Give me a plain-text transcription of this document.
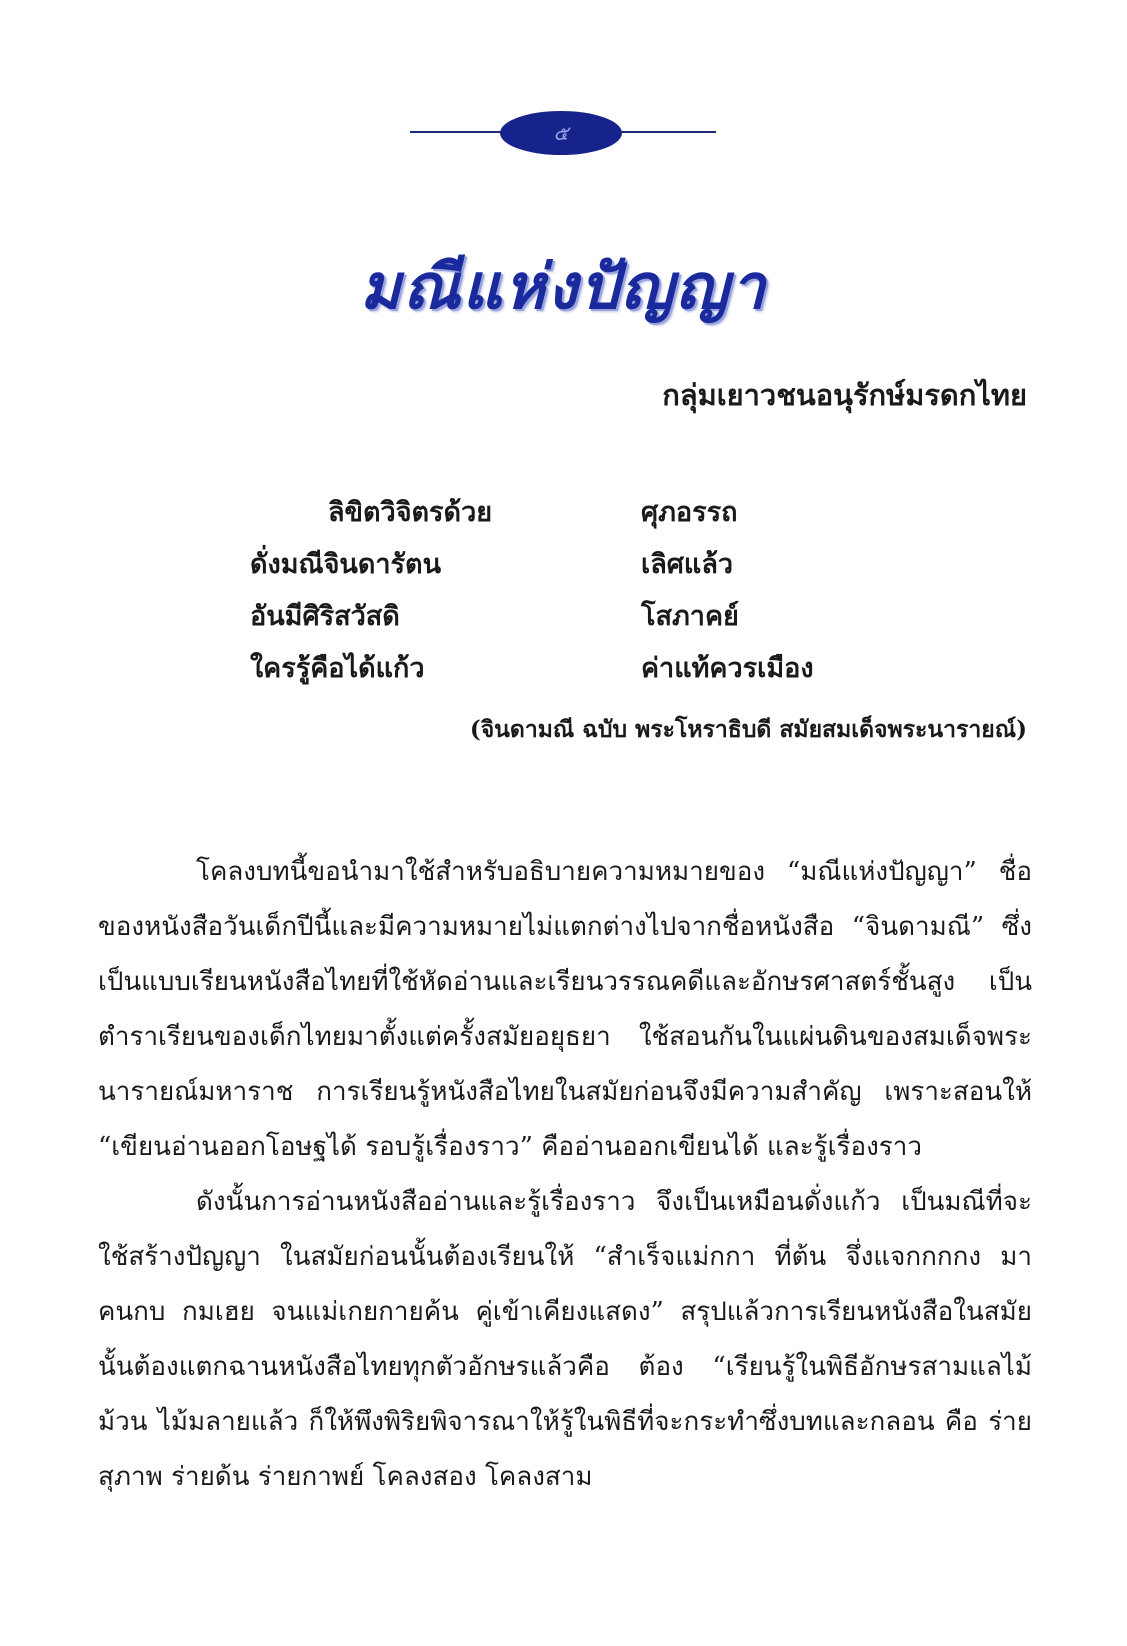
๕
มณีแห่งปัญญา
กลุ่มเยาวชนอนุรักษ์มรดกไทย
ลิขิตวิจิตรด้วย	ศุภอรรถ
ดั่งมณีจินดารัตน	เลิศแล้ว
อันมีศิริสวัสดิ	โสภาคย์
ใครรู้คือได้แก้ว	ค่าแท้ควรเมือง
(จินดามณี ฉบับ พระโหราธิบดี สมัยสมเด็จพระนารายณ์)

โคลงบทนี้ขอนำมาใช้สำหรับอธิบายความหมายของ “มณีแห่งปัญญา” ชื่อของหนังสือวันเด็กปีนี้และมีความหมายไม่แตกต่างไปจากชื่อหนังสือ “จินดามณี” ซึ่งเป็นแบบเรียนหนังสือไทยที่ใช้หัดอ่านและเรียนวรรณคดีและอักษรศาสตร์ชั้นสูง เป็นตำราเรียนของเด็กไทยมาตั้งแต่ครั้งสมัยอยุธยา ใช้สอนกันในแผ่นดินของสมเด็จพระนารายณ์มหาราช การเรียนรู้หนังสือไทยในสมัยก่อนจึงมีความสำคัญ เพราะสอนให้ “เขียนอ่านออกโอษฐได้ รอบรู้เรื่องราว” คืออ่านออกเขียนได้ และรู้เรื่องราว

ดังนั้นการอ่านหนังสืออ่านและรู้เรื่องราว จึงเป็นเหมือนดั่งแก้ว เป็นมณีที่จะใช้สร้างปัญญา ในสมัยก่อนนั้นต้องเรียนให้ “สำเร็จแม่กกา ที่ต้น จึ่งแจกกกกง มา คนกบ กมเฮย จนแม่เกยกายค้น คู่เข้าเคียงแสดง” สรุปแล้วการเรียนหนังสือในสมัยนั้นต้องแตกฉานหนังสือไทยทุกตัวอักษรแล้วคือ ต้อง “เรียนรู้ในพิธีอักษรสามแลไม้ม้วน ไม้มลายแล้ว ก็ให้พึงพิริยพิจารณาให้รู้ในพิธีที่จะกระทำซึ่งบทและกลอน คือ ร่ายสุภาพ ร่ายด้น ร่ายกาพย์ โคลงสอง โคลงสาม
